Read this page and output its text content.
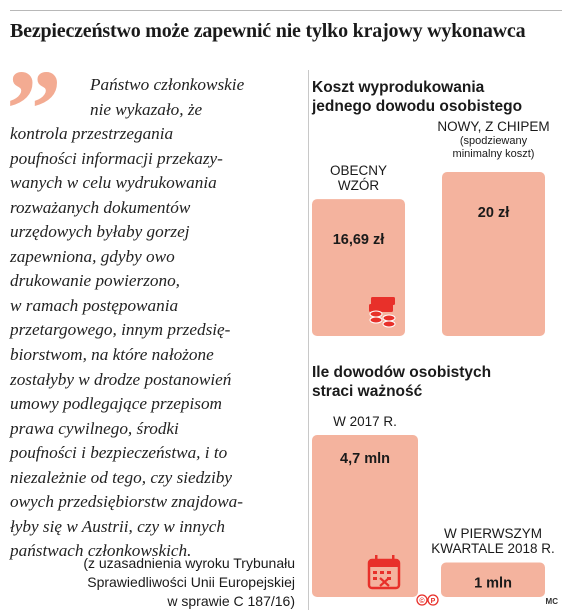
Bezpieczeństwo może zapewnić nie tylko krajowy wykonawca
”	Państwo członkowskie
nie wykazało, że
kontrola przestrzegania
poufności informacji przekazy-
wanych w celu wydrukowania
rozważanych dokumentów
urzędowych byłaby gorzej
zapewniona, gdyby owo
drukowanie powierzono,
w ramach postępowania
przetargowego, innym przedsię-
biorstwom, na które nałożone
zostałyby w drodze postanowień
umowy podlegające przepisom
prawa cywilnego, środki
poufności i bezpieczeństwa, i to
niezależnie od tego, czy siedziby
owych przedsiębiorstw znajdowa-
łyby się w Austrii, czy w innych
państwach członkowskich.
(z uzasadnienia wyroku Trybunału
Sprawiedliwości Unii Europejskiej
w sprawie C 187/16)
Koszt wyprodukowania
jednego dowodu osobistego
Ile dowodów osobistych
straci ważność
16,69 zł
OBECNY
WZÓR
20 zł
NOWY, Z CHIPEM
(spodziewany
minimalny koszt)
4,7 mln
W 2017 R.
1 mln
W PIERWSZYM
KWARTALE 2018 R.
© P	MC
